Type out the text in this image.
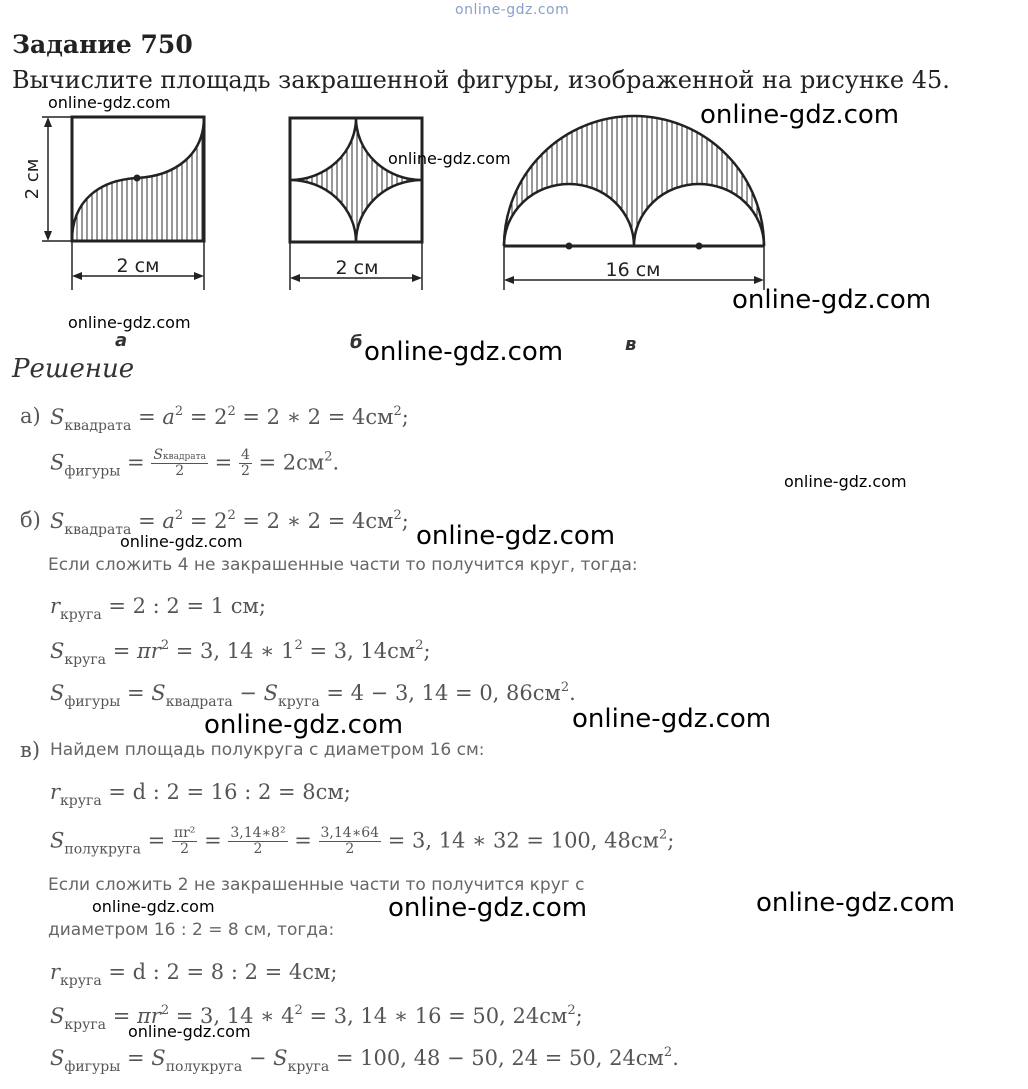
online-gdz.com
Задание 750
Вычислите площадь закрашенной фигуры, изображенной на рисунке 45.
2 см
2 см
а
2 см
б
16 см
в
Решение
а) $S_{квадрата} = a^2 = 2^2 = 2$ ∗ $2 = 4см^2$;
$S_{фигуры} = \frac{\text{Sквадрата}}{2} = \frac{4}{2} = 2см^2$.
б) $S_{квадрата} = a^2 = 2^2 = 2$ ∗ $2 = 4см^2$;
Если сложить 4 не закрашенные части то получится круг, тогда:
$r_{круга} = 2$ : 2 = 1 см;
$S_{круга} = \pi r^2 = 3$, 14 ∗ $1^2 = 3$, $14см^2$;
$S_{фигуры} = S_{квадрата} - S_{круга} = 4 - 3$, 14 = 0, $86см^2$.
в) Найдем площадь полукруга с диаметром 16 см:
$r_{круга} = d$ : 2 = 16 : 2 = 8см;
$S_{полукруга} = \frac{\text{πr²}}{2} = \frac{\text{3,14∗8²}}{2} = \frac{3,14∗64}{2} = 3$, 14 ∗ 32 = 100, $48см^2$;
Если сложить 2 не закрашенные части то получится круг с
диаметром 16 : 2 = 8 см, тогда:
$r_{круга} = d$ : 2 = 8 : 2 = 4см;
$S_{круга} = \pi r^2 = 3$, 14 ∗ $4^2 = 3$, 14 ∗ 16 = 50, $24см^2$;
$S_{фигуры} = S_{полукруга} - S_{круга} = 100$, 48 − 50, 24 = 50, $24см^2$.
online-gdz.com	online-gdz.com
online-gdz.com
online-gdz.com
online-gdz.com
online-gdz.com
online-gdz.com
online-gdz.com
online-gdz.com
online-gdz.com
online-gdz.com
online-gdz.com	online-gdz.com	online-gdz.com
online-gdz.com
